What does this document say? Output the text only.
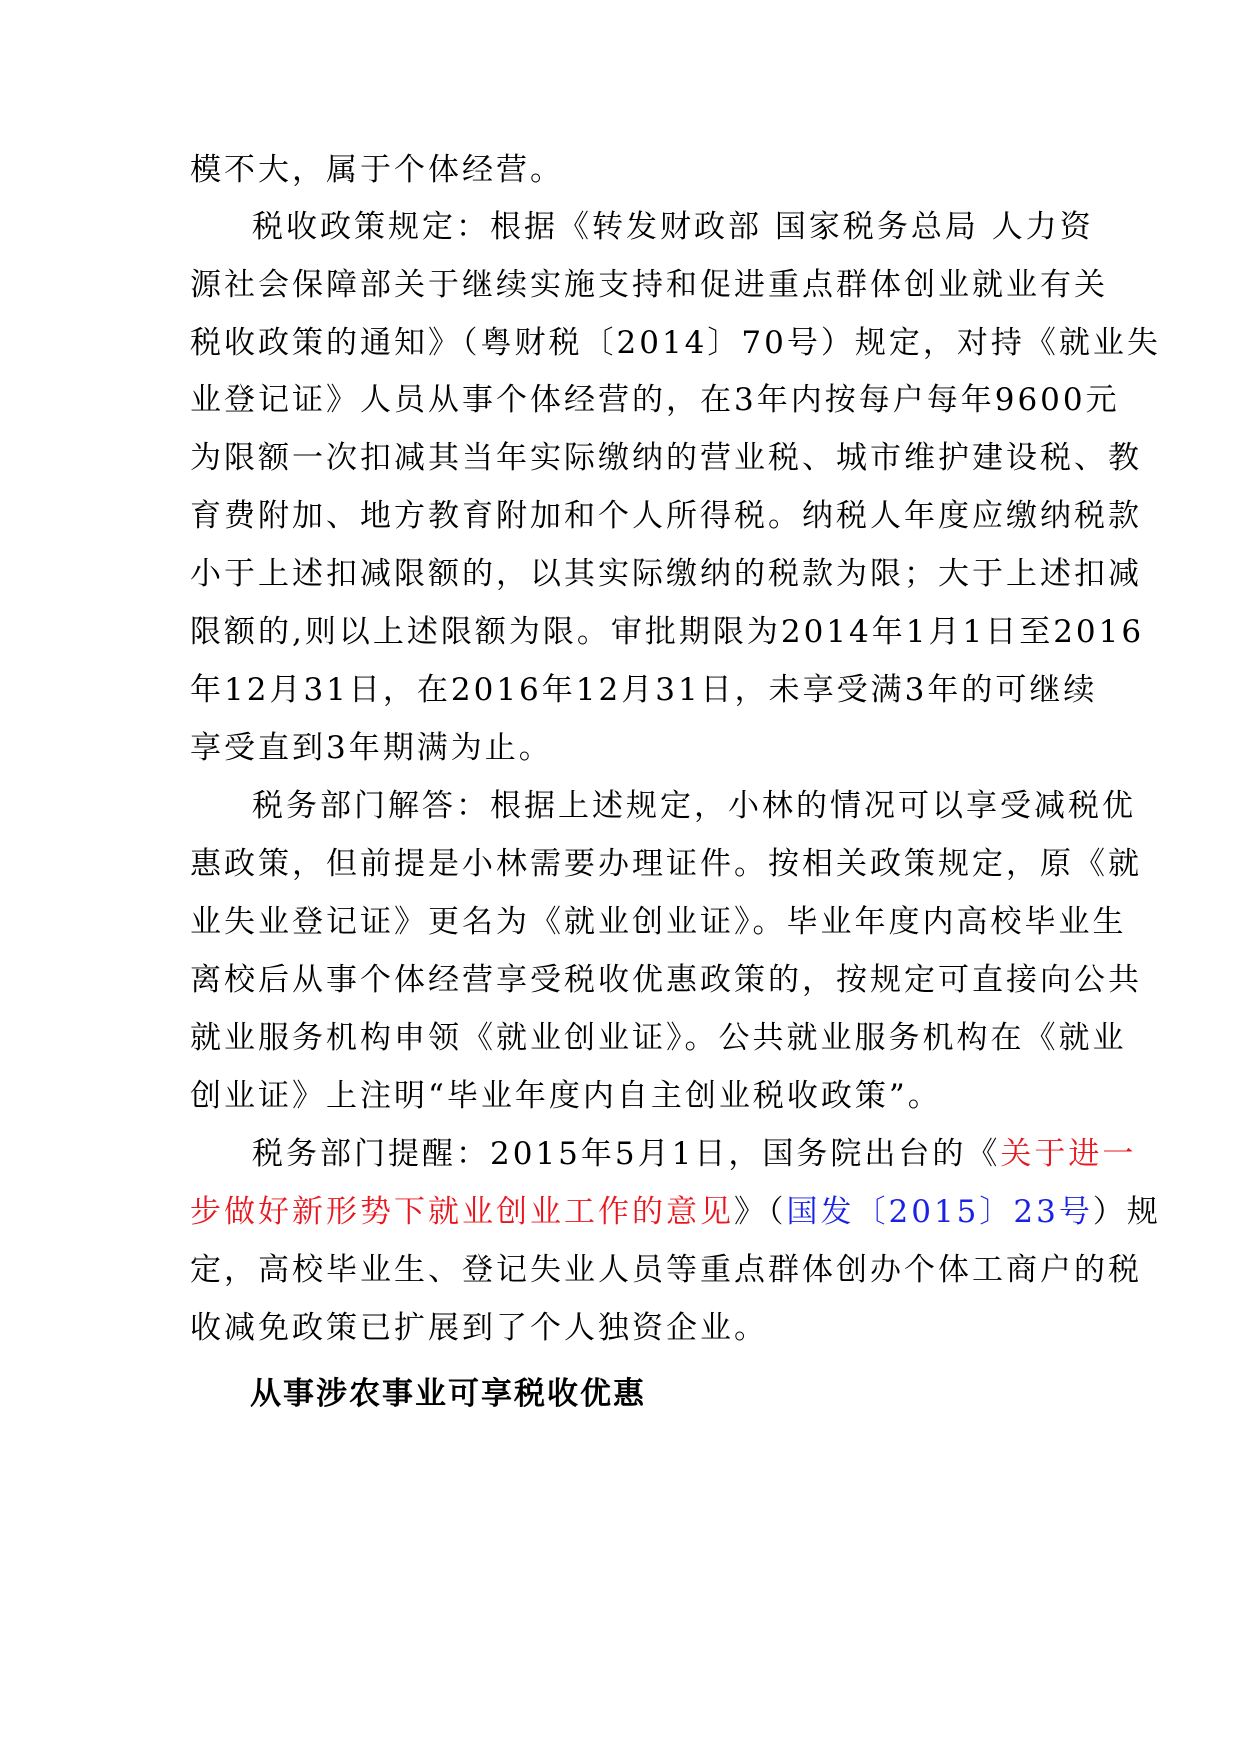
模不大，属于个体经营。

税收政策规定：根据《转发财政部 国家税务总局 人力资

源社会保障部关于继续实施支持和促进重点群体创业就业有关

税收政策的通知》（粤财税〔2014〕70号）规定，对持《就业失

业登记证》人员从事个体经营的，在3年内按每户每年9600元

为限额一次扣减其当年实际缴纳的营业税、城市维护建设税、教

育费附加、地方教育附加和个人所得税。纳税人年度应缴纳税款

小于上述扣减限额的，以其实际缴纳的税款为限；大于上述扣减

限额的,则以上述限额为限。审批期限为2014年1月1日至2016

年12月31日，在2016年12月31日，未享受满3年的可继续

享受直到3年期满为止。

税务部门解答：根据上述规定，小林的情况可以享受减税优

惠政策，但前提是小林需要办理证件。按相关政策规定，原《就

业失业登记证》更名为《就业创业证》。毕业年度内高校毕业生

离校后从事个体经营享受税收优惠政策的，按规定可直接向公共

就业服务机构申领《就业创业证》。公共就业服务机构在《就业

创业证》上注明“毕业年度内自主创业税收政策”。

税务部门提醒：2015年5月1日，国务院出台的《关于进一

步做好新形势下就业创业工作的意见》（国发〔2015〕23号）规

定，高校毕业生、登记失业人员等重点群体创办个体工商户的税

收减免政策已扩展到了个人独资企业。

从事涉农事业可享税收优惠
